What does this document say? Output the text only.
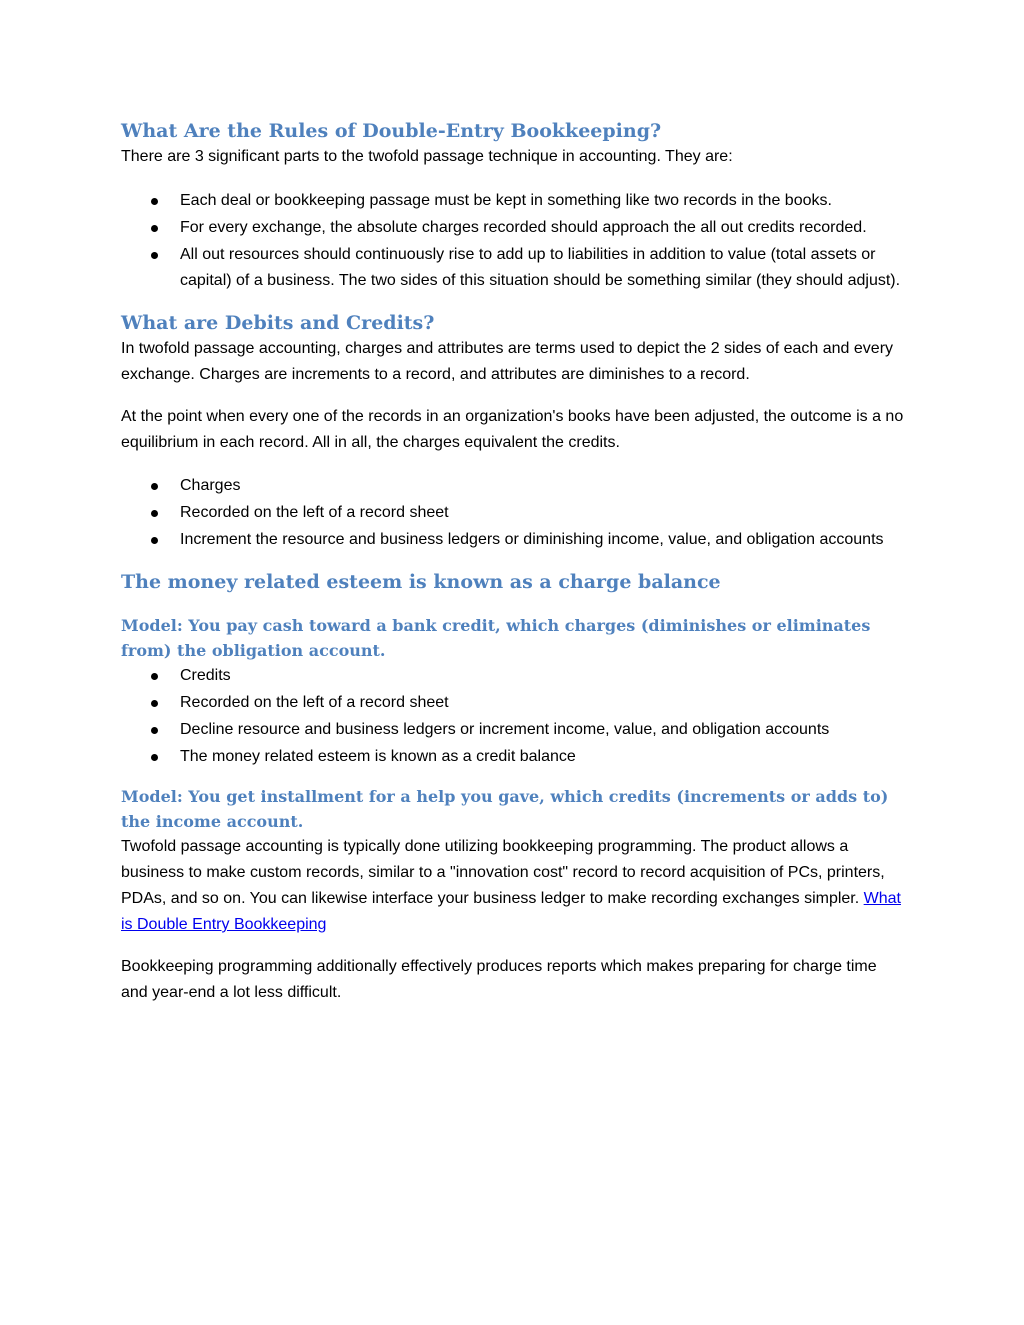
What Are the Rules of Double-Entry Bookkeeping?

There are 3 significant parts to the twofold passage technique in accounting. They are:

Each deal or bookkeeping passage must be kept in something like two records in the books.
For every exchange, the absolute charges recorded should approach the all out credits recorded.
All out resources should continuously rise to add up to liabilities in addition to value (total assets or capital) of a business. The two sides of this situation should be something similar (they should adjust).
What are Debits and Credits?

In twofold passage accounting, charges and attributes are terms used to depict the 2 sides of each and every exchange. Charges are increments to a record, and attributes are diminishes to a record.

At the point when every one of the records in an organization's books have been adjusted, the outcome is a no equilibrium in each record. All in all, the charges equivalent the credits.

Charges
Recorded on the left of a record sheet
Increment the resource and business ledgers or diminishing income, value, and obligation accounts
The money related esteem is known as a charge balance
Model: You pay cash toward a bank credit, which charges (diminishes or eliminates from) the obligation account.
Credits
Recorded on the left of a record sheet
Decline resource and business ledgers or increment income, value, and obligation accounts
The money related esteem is known as a credit balance
Model: You get installment for a help you gave, which credits (increments or adds to) the income account.

Twofold passage accounting is typically done utilizing bookkeeping programming. The product allows a business to make custom records, similar to a "innovation cost" record to record acquisition of PCs, printers, PDAs, and so on. You can likewise interface your business ledger to make recording exchanges simpler. What is Double Entry Bookkeeping

Bookkeeping programming additionally effectively produces reports which makes preparing for charge time and year-end a lot less difficult.
